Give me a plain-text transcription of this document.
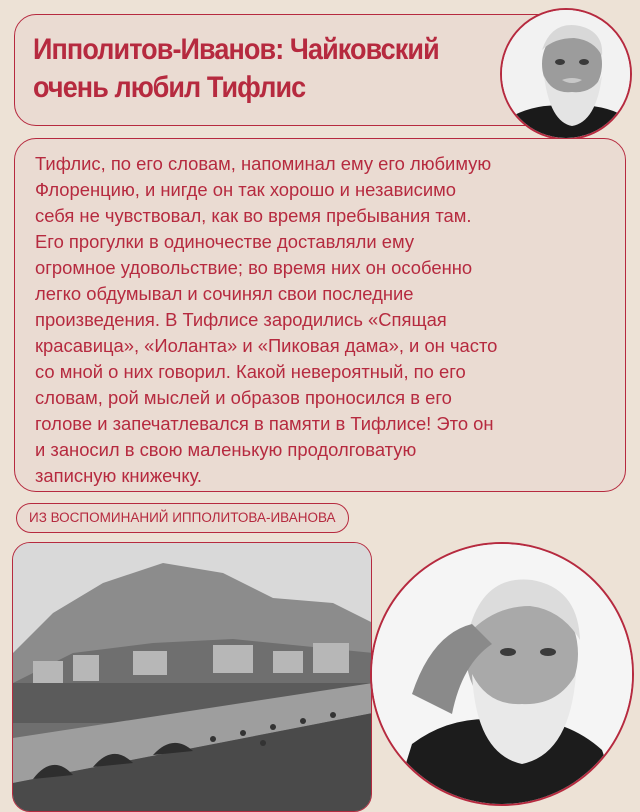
Ипполитов-Иванов: Чайковский очень любил Тифлис
Тифлис, по его словам, напоминал ему его любимую
Флоренцию, и нигде он так хорошо и независимо
себя не чувствовал, как во время пребывания там.
Его прогулки в одиночестве доставляли ему
огромное удовольствие; во время них он особенно
легко обдумывал и сочинял свои последние
произведения. В Тифлисе зародились «Спящая
красавица», «Иоланта» и «Пиковая дама», и он часто
со мной о них говорил. Какой невероятный, по его
словам, рой мыслей и образов проносился в его
голове и запечатлевался в памяти в Тифлисе! Это он
и заносил в свою маленькую продолговатую
записную книжечку.
ИЗ ВОСПОМИНАНИЙ ИППОЛИТОВА-ИВАНОВА
